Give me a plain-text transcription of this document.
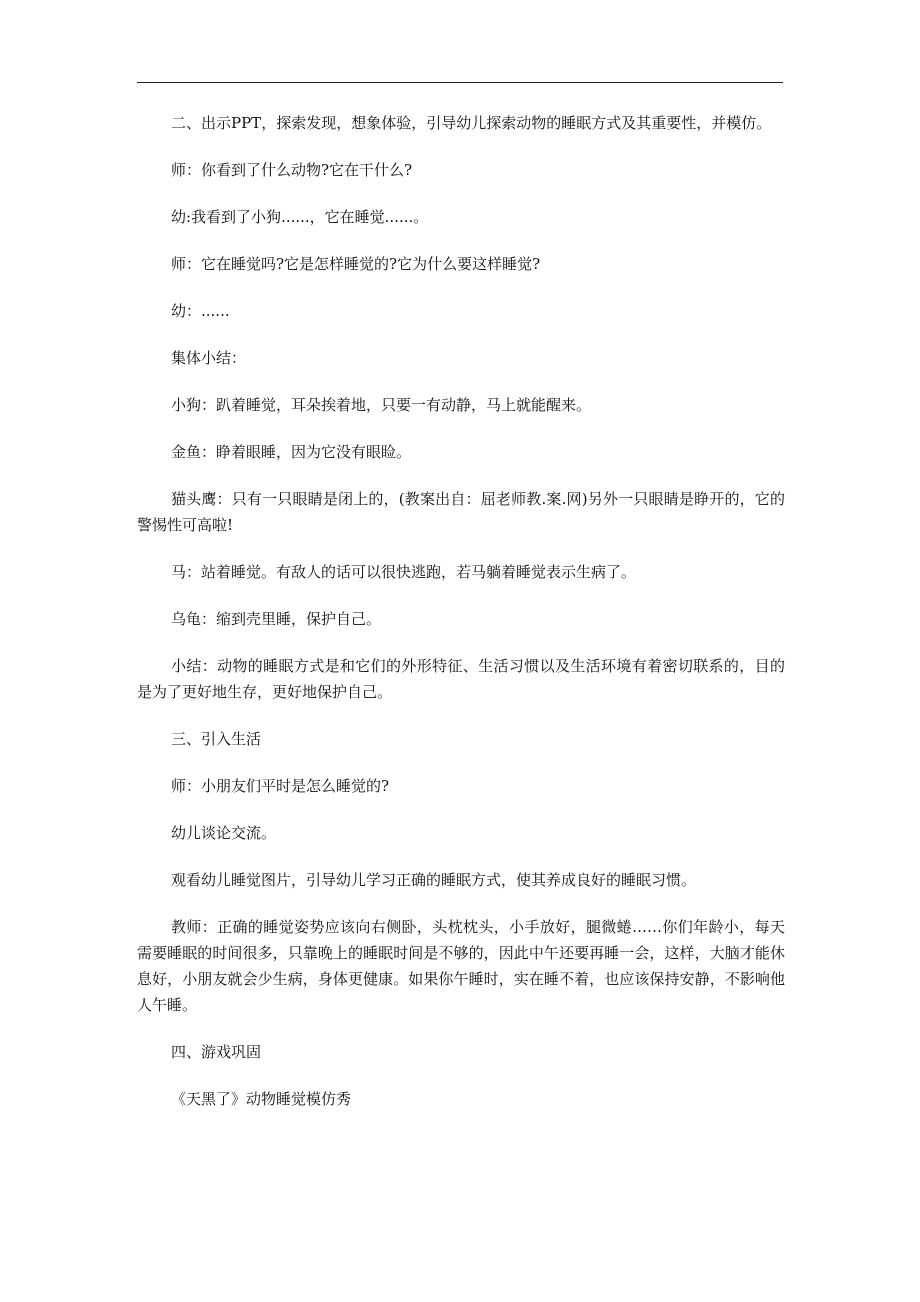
二、出示PPT，探索发现，想象体验，引导幼儿探索动物的睡眠方式及其重要性，并模仿。

师：你看到了什么动物?它在干什么?

幼:我看到了小狗......，它在睡觉......。

师：它在睡觉吗?它是怎样睡觉的?它为什么要这样睡觉?

幼：......

集体小结：

小狗：趴着睡觉，耳朵挨着地，只要一有动静，马上就能醒来。

金鱼：睁着眼睡，因为它没有眼睑。

猫头鹰：只有一只眼睛是闭上的，(教案出自：屈老师教.案.网)另外一只眼睛是睁开的，它的警惕性可高啦!

马：站着睡觉。有敌人的话可以很快逃跑，若马躺着睡觉表示生病了。

乌龟：缩到壳里睡，保护自己。

小结：动物的睡眠方式是和它们的外形特征、生活习惯以及生活环境有着密切联系的，目的是为了更好地生存，更好地保护自己。

三、引入生活

师：小朋友们平时是怎么睡觉的?

幼儿谈论交流。

观看幼儿睡觉图片，引导幼儿学习正确的睡眠方式，使其养成良好的睡眠习惯。

教师：正确的睡觉姿势应该向右侧卧，头枕枕头，小手放好，腿微蜷……你们年龄小，每天需要睡眠的时间很多，只靠晚上的睡眠时间是不够的，因此中午还要再睡一会，这样，大脑才能休息好，小朋友就会少生病，身体更健康。如果你午睡时，实在睡不着，也应该保持安静，不影响他人午睡。

四、游戏巩固

《天黑了》动物睡觉模仿秀
